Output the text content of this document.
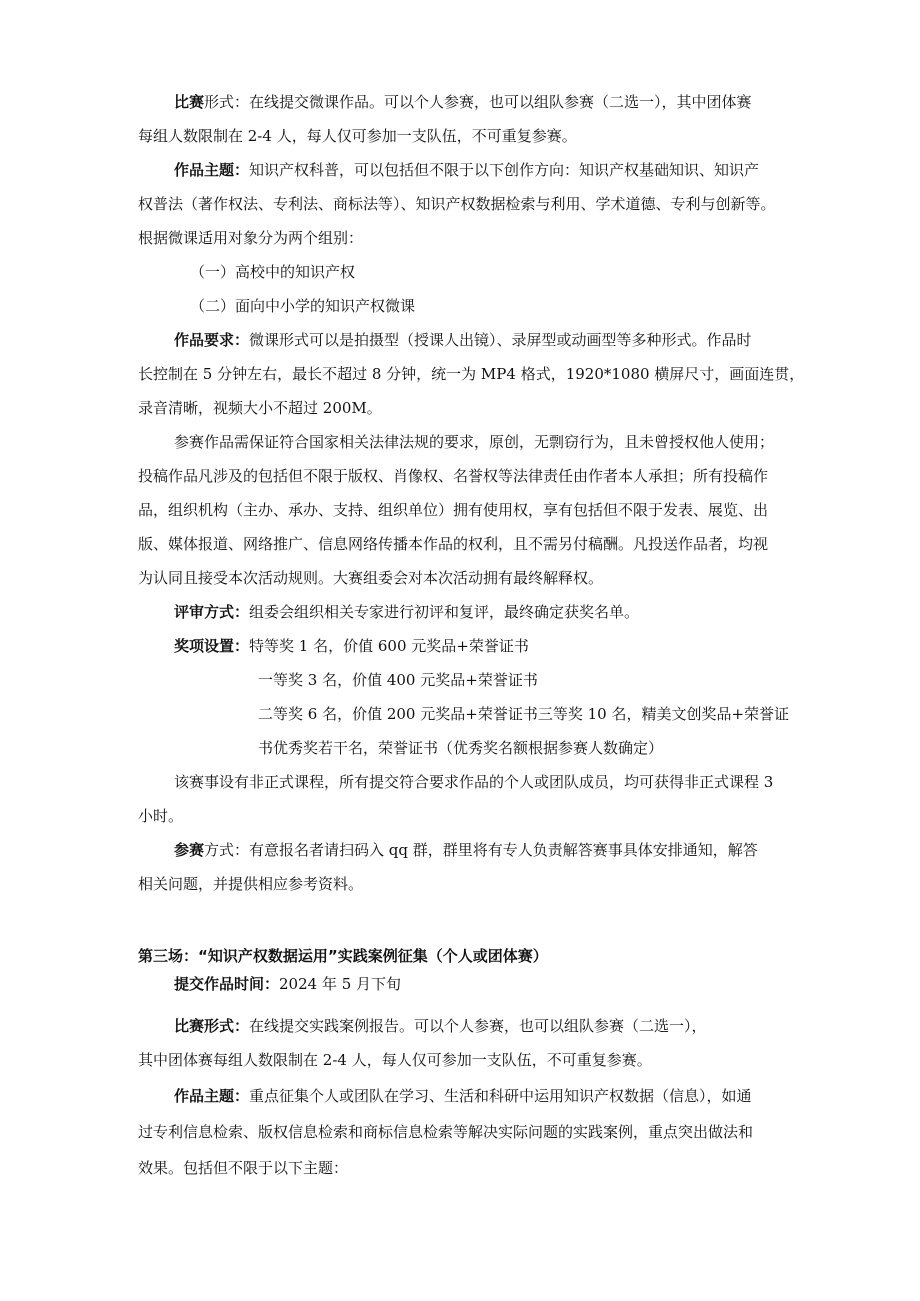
比赛形式：在线提交微课作品。可以个人参赛，也可以组队参赛（二选一），其中团体赛
每组人数限制在 2-4 人，每人仅可参加一支队伍，不可重复参赛。
作品主题：知识产权科普，可以包括但不限于以下创作方向：知识产权基础知识、知识产
权普法（著作权法、专利法、商标法等）、知识产权数据检索与利用、学术道德、专利与创新等。
根据微课适用对象分为两个组别：
（一）高校中的知识产权
（二）面向中小学的知识产权微课
作品要求：微课形式可以是拍摄型（授课人出镜）、录屏型或动画型等多种形式。作品时
长控制在 5 分钟左右，最长不超过 8 分钟，统一为 MP4 格式，1920*1080 横屏尺寸，画面连贯，
录音清晰，视频大小不超过 200M。
参赛作品需保证符合国家相关法律法规的要求，原创，无剽窃行为，且未曾授权他人使用；
投稿作品凡涉及的包括但不限于版权、肖像权、名誉权等法律责任由作者本人承担；所有投稿作
品，组织机构（主办、承办、支持、组织单位）拥有使用权，享有包括但不限于发表、展览、出
版、媒体报道、网络推广、信息网络传播本作品的权利，且不需另付稿酬。凡投送作品者，均视
为认同且接受本次活动规则。大赛组委会对本次活动拥有最终解释权。
评审方式：组委会组织相关专家进行初评和复评，最终确定获奖名单。
奖项设置：特等奖 1 名，价值 600 元奖品+荣誉证书
一等奖 3 名，价值 400 元奖品+荣誉证书
二等奖 6 名，价值 200 元奖品+荣誉证书三等奖 10 名，精美文创奖品+荣誉证
书优秀奖若干名，荣誉证书（优秀奖名额根据参赛人数确定）
该赛事设有非正式课程，所有提交符合要求作品的个人或团队成员，均可获得非正式课程 3
小时。
参赛方式：有意报名者请扫码入 qq 群，群里将有专人负责解答赛事具体安排通知，解答
相关问题，并提供相应参考资料。
第三场：“知识产权数据运用”实践案例征集（个人或团体赛）
提交作品时间：2024 年 5 月下旬
比赛形式：在线提交实践案例报告。可以个人参赛，也可以组队参赛（二选一），
其中团体赛每组人数限制在 2-4 人，每人仅可参加一支队伍，不可重复参赛。
作品主题：重点征集个人或团队在学习、生活和科研中运用知识产权数据（信息），如通
过专利信息检索、版权信息检索和商标信息检索等解决实际问题的实践案例，重点突出做法和
效果。包括但不限于以下主题：
